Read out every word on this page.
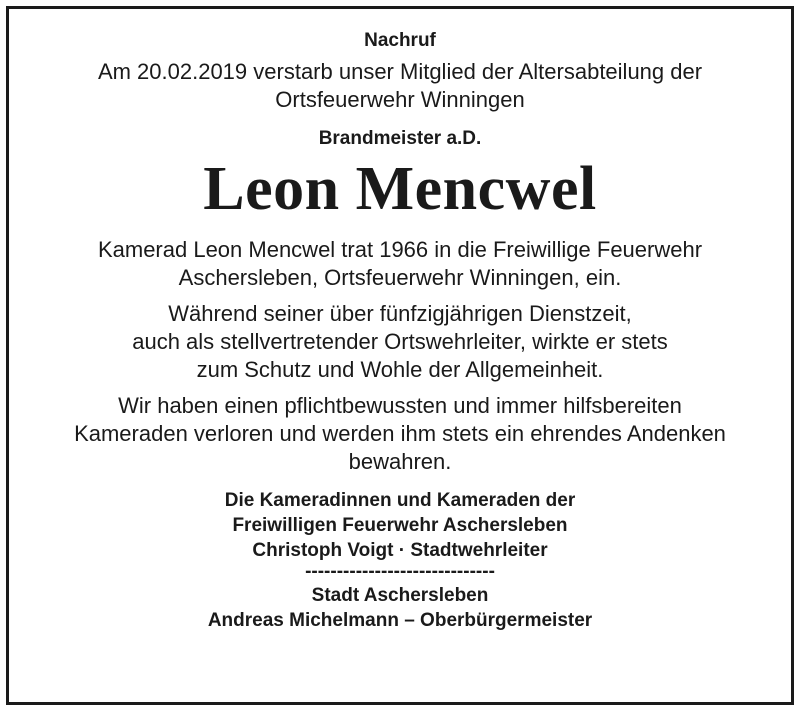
Nachruf
Am 20.02.2019 verstarb unser Mitglied der Altersabteilung der
Ortsfeuerwehr Winningen
Brandmeister a.D.
Leon Mencwel
Kamerad Leon Mencwel trat 1966 in die Freiwillige Feuerwehr
Aschersleben, Ortsfeuerwehr Winningen, ein.
Während seiner über fünfzigjährigen Dienstzeit,
auch als stellvertretender Ortswehrleiter, wirkte er stets
zum Schutz und Wohle der Allgemeinheit.
Wir haben einen pflichtbewussten und immer hilfsbereiten
Kameraden verloren und werden ihm stets ein ehrendes Andenken
bewahren.
Die Kameradinnen und Kameraden der
Freiwilligen Feuerwehr Aschersleben
Christoph Voigt · Stadtwehrleiter
------------------------------
Stadt Aschersleben
Andreas Michelmann – Oberbürgermeister
